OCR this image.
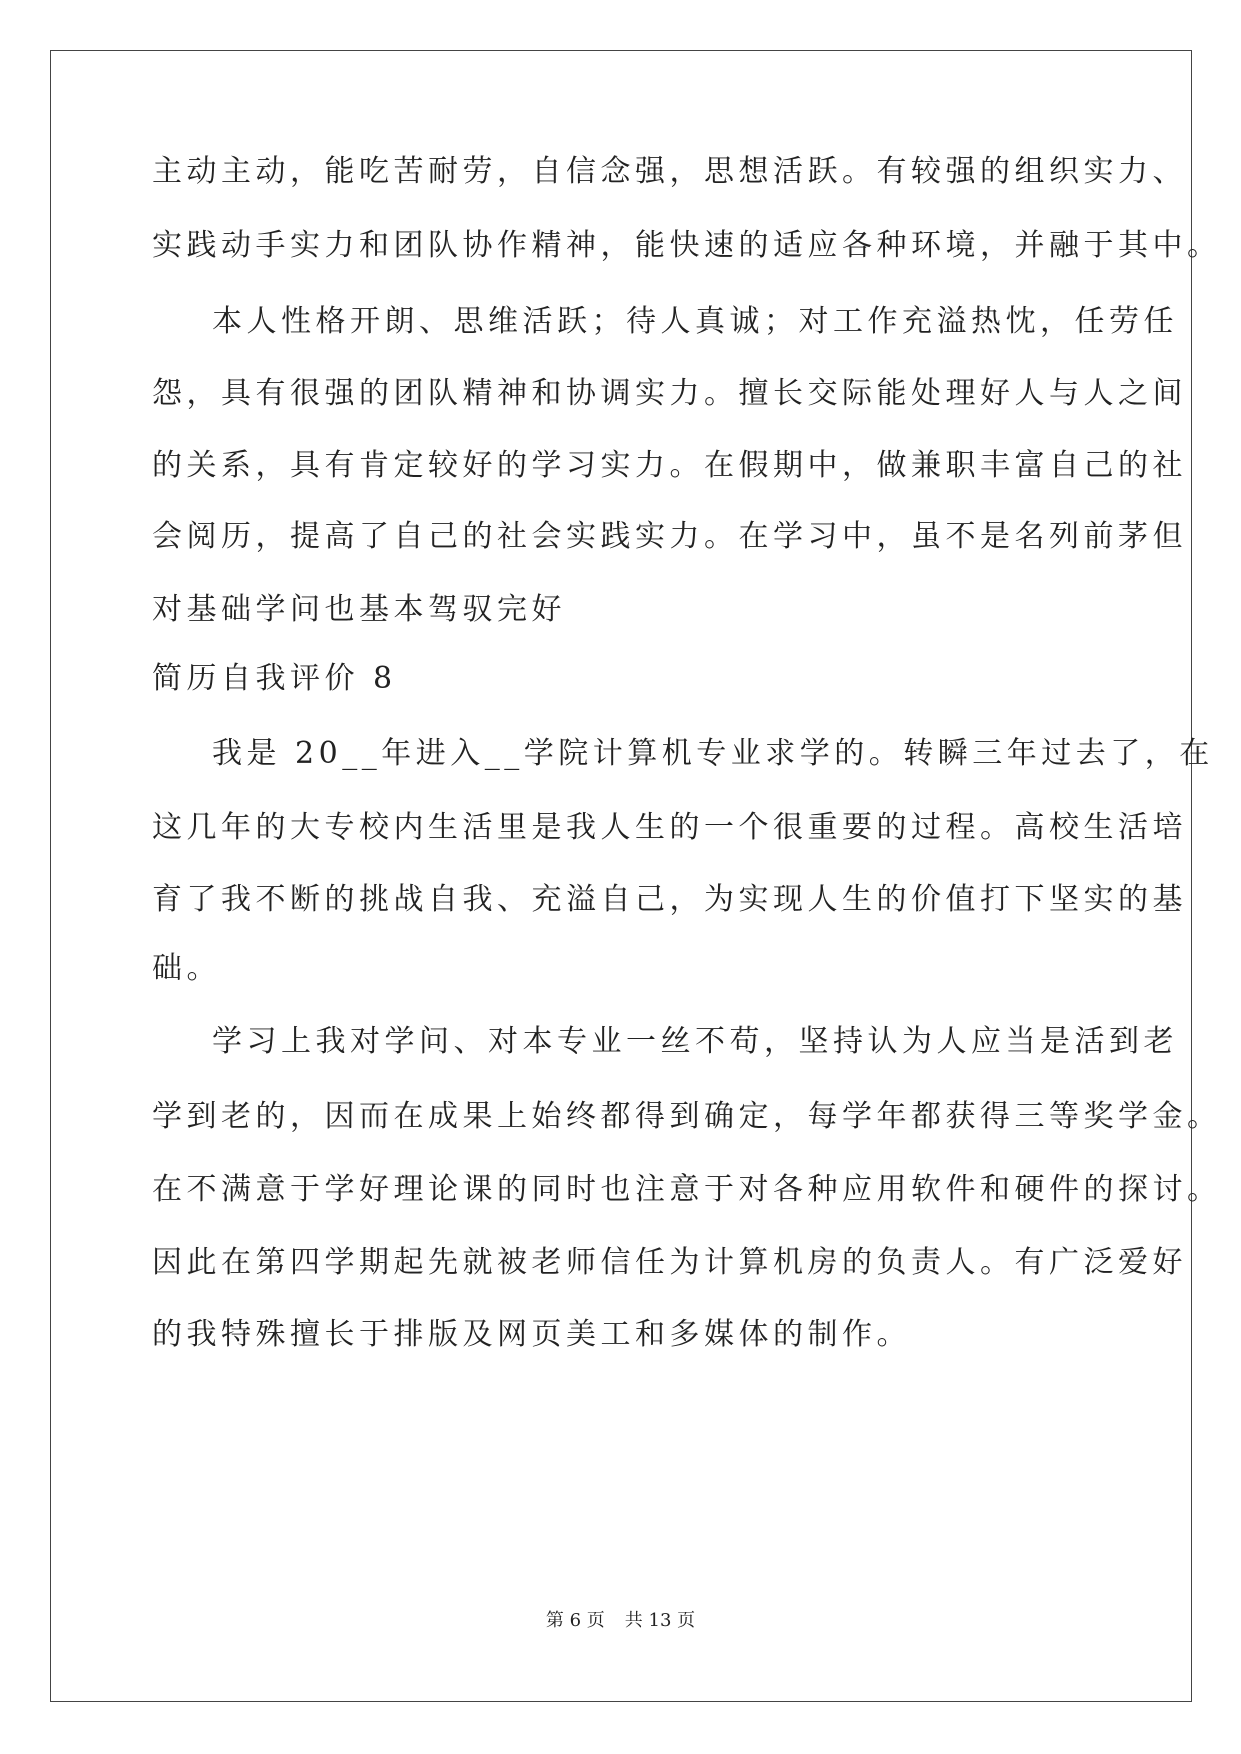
主动主动，能吃苦耐劳，自信念强，思想活跃。有较强的组织实力、
实践动手实力和团队协作精神，能快速的适应各种环境，并融于其中。
本人性格开朗、思维活跃；待人真诚；对工作充溢热忱，任劳任
怨，具有很强的团队精神和协调实力。擅长交际能处理好人与人之间
的关系，具有肯定较好的学习实力。在假期中，做兼职丰富自己的社
会阅历，提高了自己的社会实践实力。在学习中，虽不是名列前茅但
对基础学问也基本驾驭完好
简历自我评价 8
我是 20__年进入__学院计算机专业求学的。转瞬三年过去了，在
这几年的大专校内生活里是我人生的一个很重要的过程。高校生活培
育了我不断的挑战自我、充溢自己，为实现人生的价值打下坚实的基
础。
学习上我对学问、对本专业一丝不苟，坚持认为人应当是活到老
学到老的，因而在成果上始终都得到确定，每学年都获得三等奖学金。
在不满意于学好理论课的同时也注意于对各种应用软件和硬件的探讨。
因此在第四学期起先就被老师信任为计算机房的负责人。有广泛爱好
的我特殊擅长于排版及网页美工和多媒体的制作。
第 6 页 共 13 页
